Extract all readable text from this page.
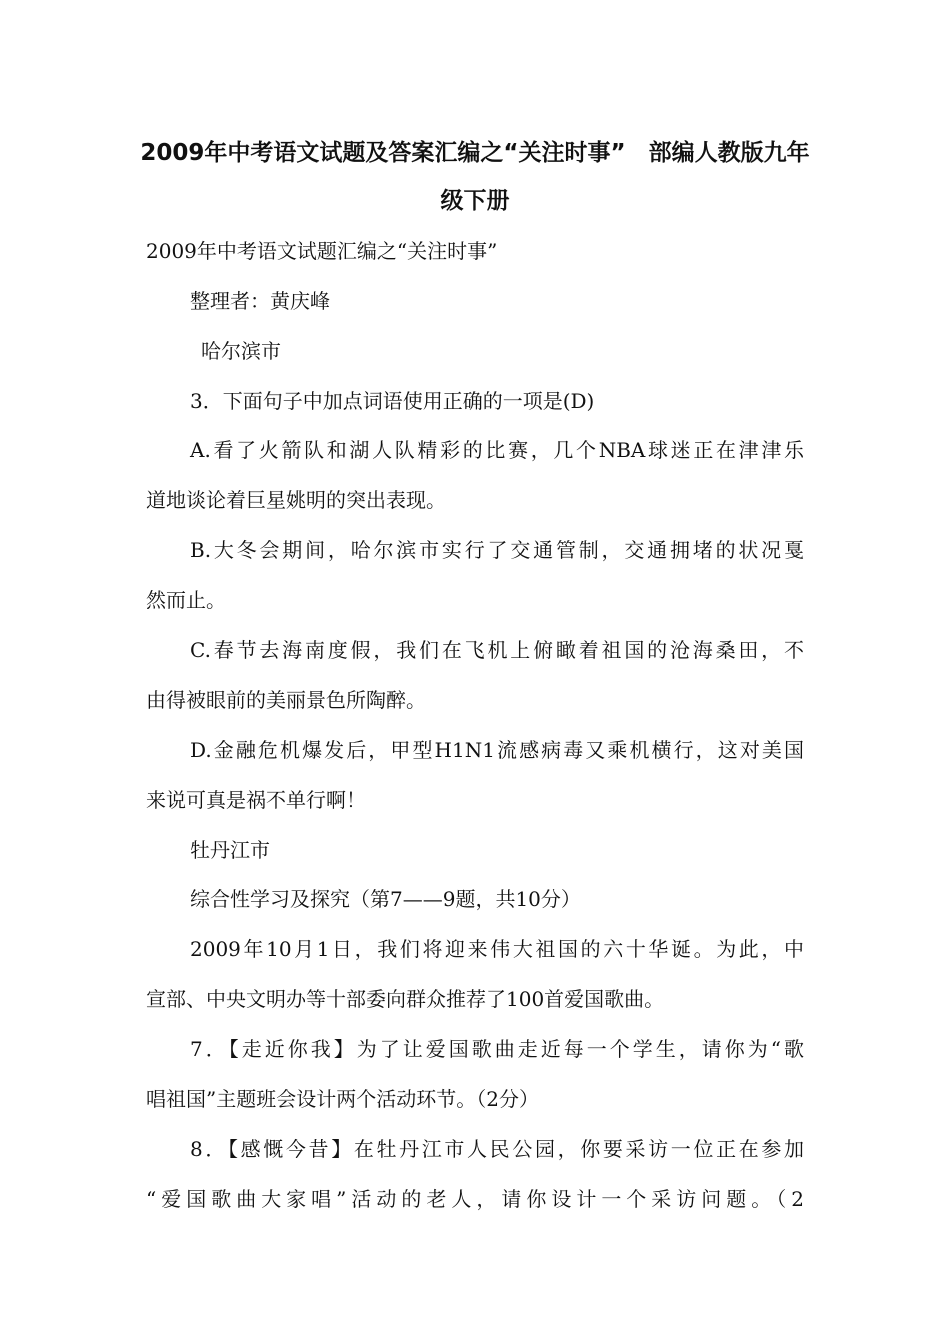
2009年中考语文试题及答案汇编之“关注时事”　部编人教版九年
级下册
2009年中考语文试题汇编之“关注时事”
整理者：黄庆峰
哈尔滨市
3．下面句子中加点词语使用正确的一项是(D)
A.看了火箭队和湖人队精彩的比赛，几个NBA球迷正在津津乐
道地谈论着巨星姚明的突出表现。
B.大冬会期间，哈尔滨市实行了交通管制，交通拥堵的状况戛
然而止。
C.春节去海南度假，我们在飞机上俯瞰着祖国的沧海桑田，不
由得被眼前的美丽景色所陶醉。
D.金融危机爆发后，甲型H1N1流感病毒又乘机横行，这对美国
来说可真是祸不单行啊！
牡丹江市
综合性学习及探究（第7——9题，共10分）
2009年10月1日，我们将迎来伟大祖国的六十华诞。为此，中
宣部、中央文明办等十部委向群众推荐了100首爱国歌曲。
7．【走近你我】为了让爱国歌曲走近每一个学生，请你为“歌
唱祖国”主题班会设计两个活动环节。（2分）
8．【感慨今昔】在牡丹江市人民公园，你要采访一位正在参加
“爱国歌曲大家唱”活动的老人，请你设计一个采访问题。（2
